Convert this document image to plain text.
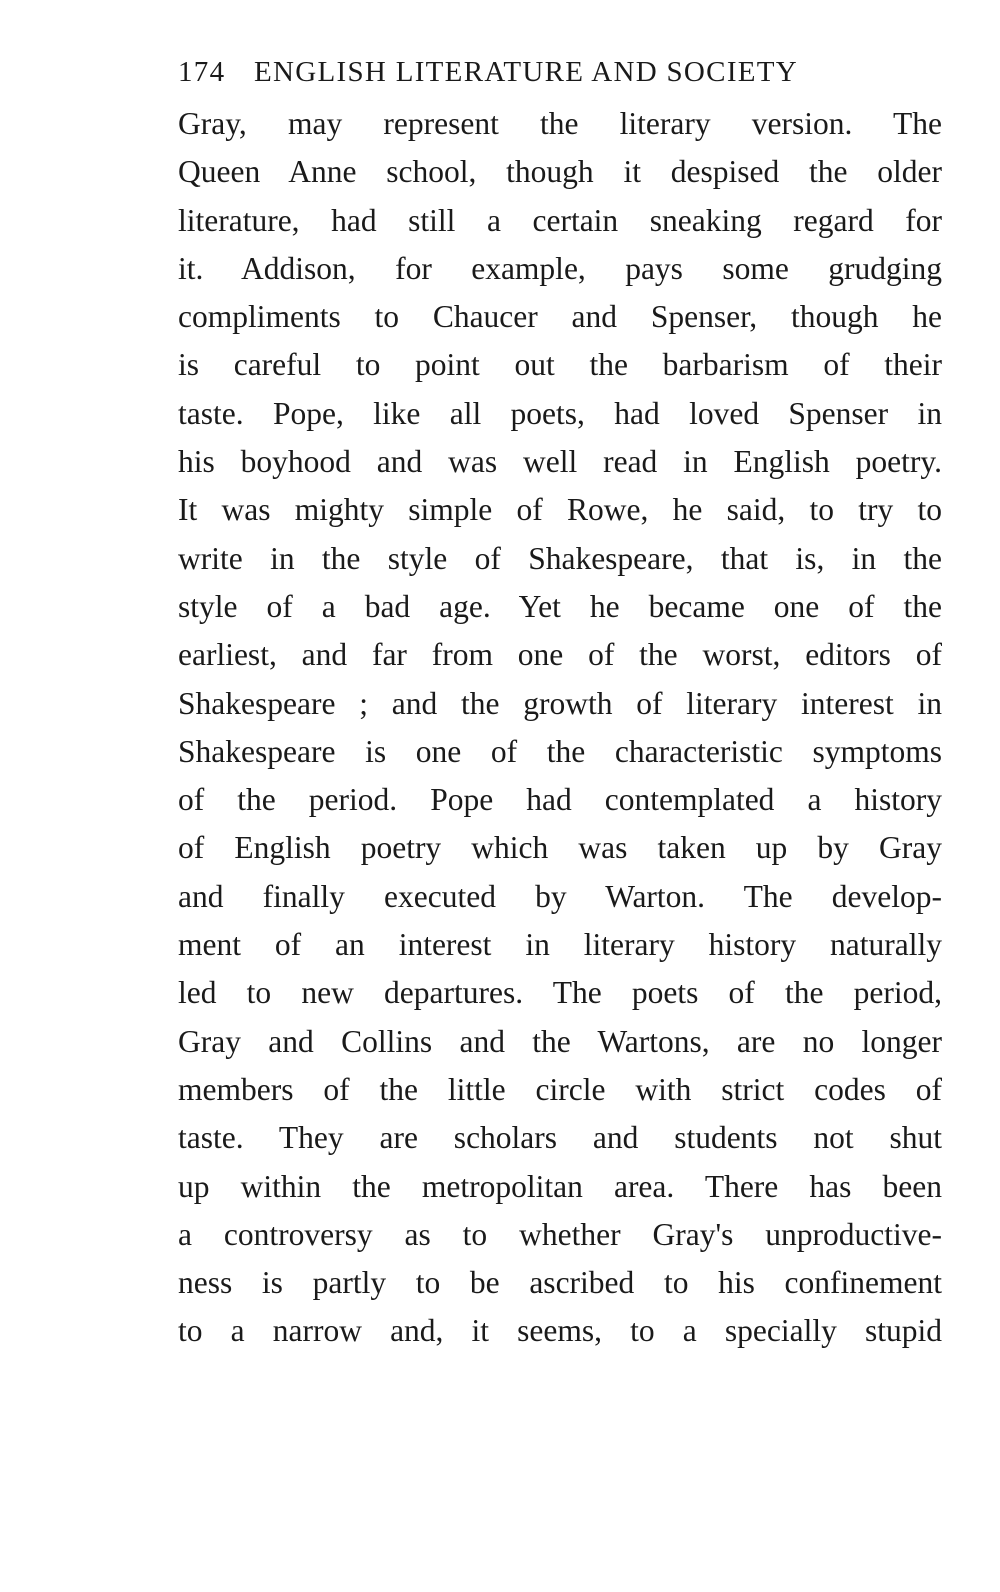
174 ENGLISH LITERATURE AND SOCIETY
Gray, may represent the literary version. The
Queen Anne school, though it despised the older
literature, had still a certain sneaking regard for
it. Addison, for example, pays some grudging
compliments to Chaucer and Spenser, though he
is careful to point out the barbarism of their
taste. Pope, like all poets, had loved Spenser in
his boyhood and was well read in English poetry.
It was mighty simple of Rowe, he said, to try to
write in the style of Shakespeare, that is, in the
style of a bad age. Yet he became one of the
earliest, and far from one of the worst, editors of
Shakespeare ; and the growth of literary interest in
Shakespeare is one of the characteristic symptoms
of the period. Pope had contemplated a history
of English poetry which was taken up by Gray
and finally executed by Warton. The develop-
ment of an interest in literary history naturally
led to new departures. The poets of the period,
Gray and Collins and the Wartons, are no longer
members of the little circle with strict codes of
taste. They are scholars and students not shut
up within the metropolitan area. There has been
a controversy as to whether Gray's unproductive-
ness is partly to be ascribed to his confinement
to a narrow and, it seems, to a specially stupid
